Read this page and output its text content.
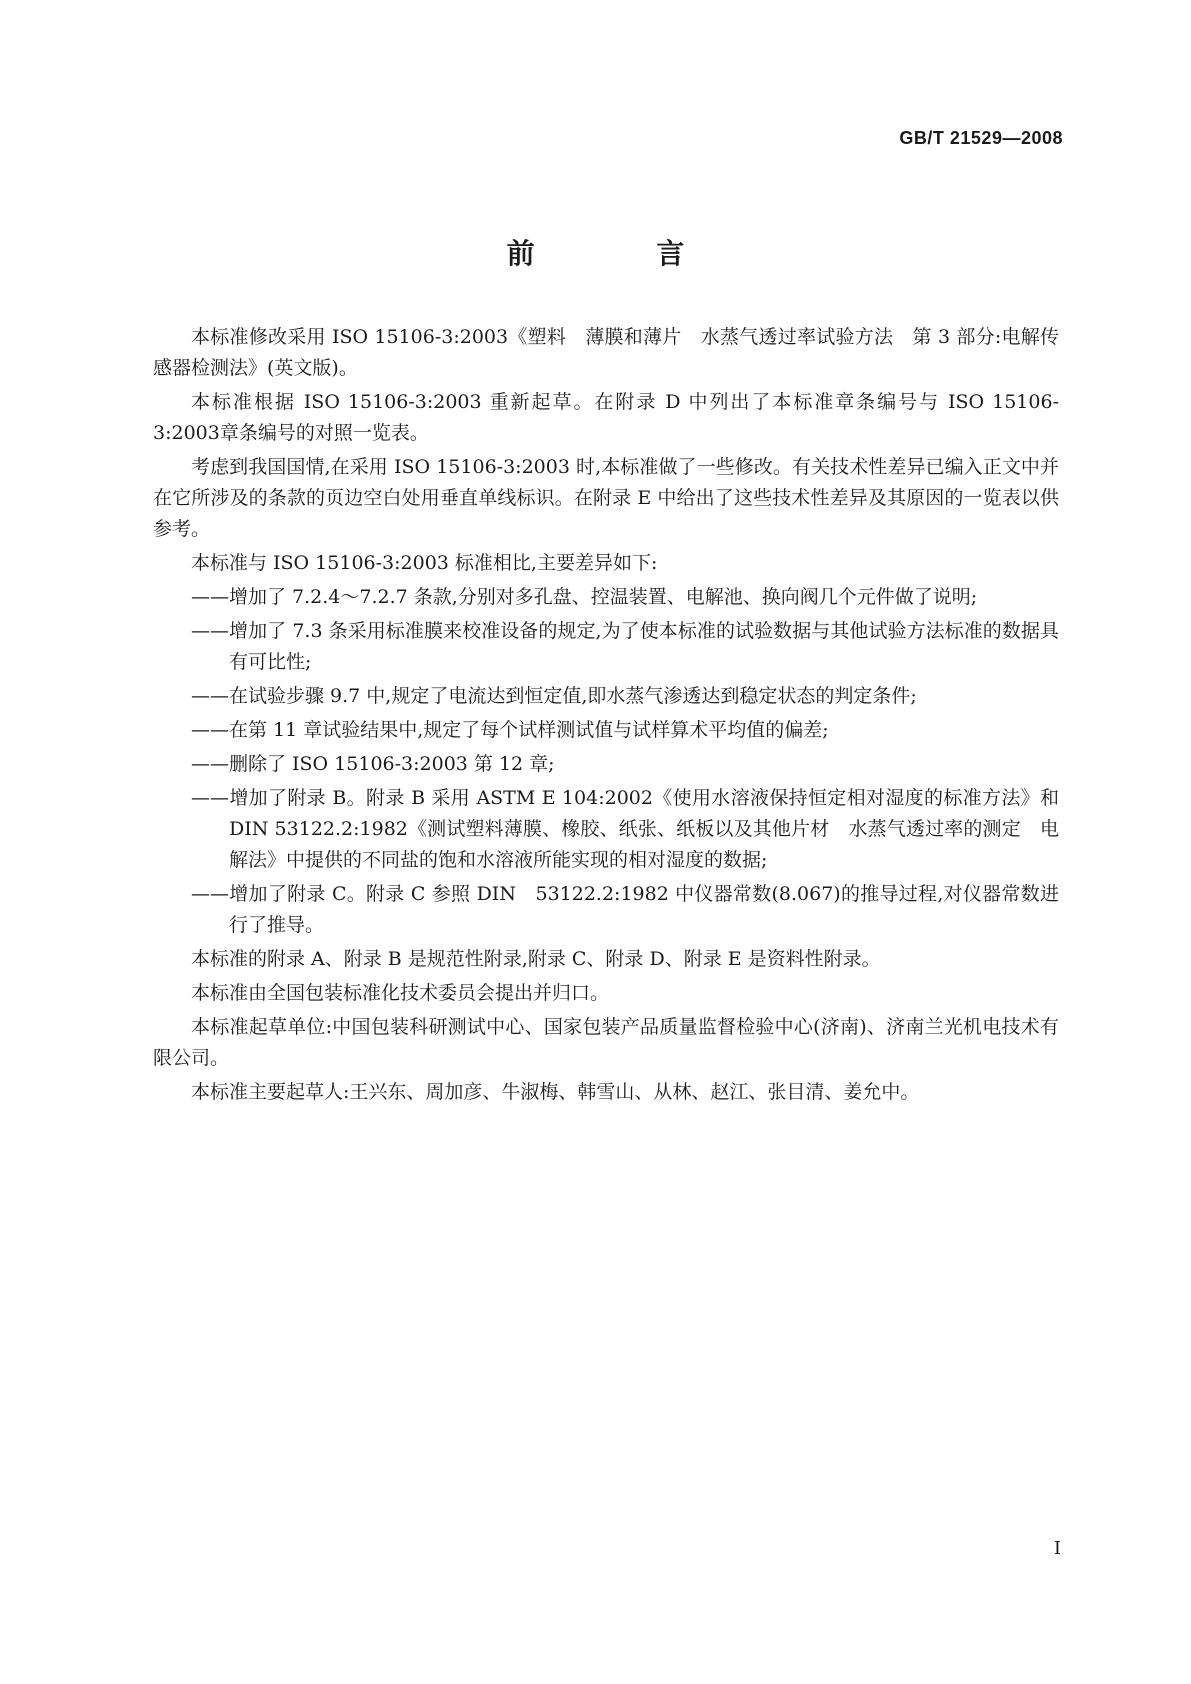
GB/T 21529—2008
前 言

本标准修改采用 ISO 15106-3:2003《塑料　薄膜和薄片　水蒸气透过率试验方法　第 3 部分:电解传感器检测法》(英文版)。

本标准根据 ISO 15106-3:2003 重新起草。在附录 D 中列出了本标准章条编号与 ISO 15106-3:2003章条编号的对照一览表。

考虑到我国国情,在采用 ISO 15106-3:2003 时,本标准做了一些修改。有关技术性差异已编入正文中并在它所涉及的条款的页边空白处用垂直单线标识。在附录 E 中给出了这些技术性差异及其原因的一览表以供参考。

本标准与 ISO 15106-3:2003 标准相比,主要差异如下:

——增加了 7.2.4～7.2.7 条款,分别对多孔盘、控温装置、电解池、换向阀几个元件做了说明;
——增加了 7.3 条采用标准膜来校准设备的规定,为了使本标准的试验数据与其他试验方法标准的数据具有可比性;
——在试验步骤 9.7 中,规定了电流达到恒定值,即水蒸气渗透达到稳定状态的判定条件;
——在第 11 章试验结果中,规定了每个试样测试值与试样算术平均值的偏差;
——删除了 ISO 15106-3:2003 第 12 章;
——增加了附录 B。附录 B 采用 ASTM E 104:2002《使用水溶液保持恒定相对湿度的标准方法》和 DIN 53122.2:1982《测试塑料薄膜、橡胶、纸张、纸板以及其他片材　水蒸气透过率的测定　电解法》中提供的不同盐的饱和水溶液所能实现的相对湿度的数据;
——增加了附录 C。附录 C 参照 DIN　53122.2:1982 中仪器常数(8.067)的推导过程,对仪器常数进行了推导。

本标准的附录 A、附录 B 是规范性附录,附录 C、附录 D、附录 E 是资料性附录。

本标准由全国包装标准化技术委员会提出并归口。

本标准起草单位:中国包装科研测试中心、国家包装产品质量监督检验中心(济南)、济南兰光机电技术有限公司。

本标准主要起草人:王兴东、周加彦、牛淑梅、韩雪山、从林、赵江、张目清、姜允中。

I
